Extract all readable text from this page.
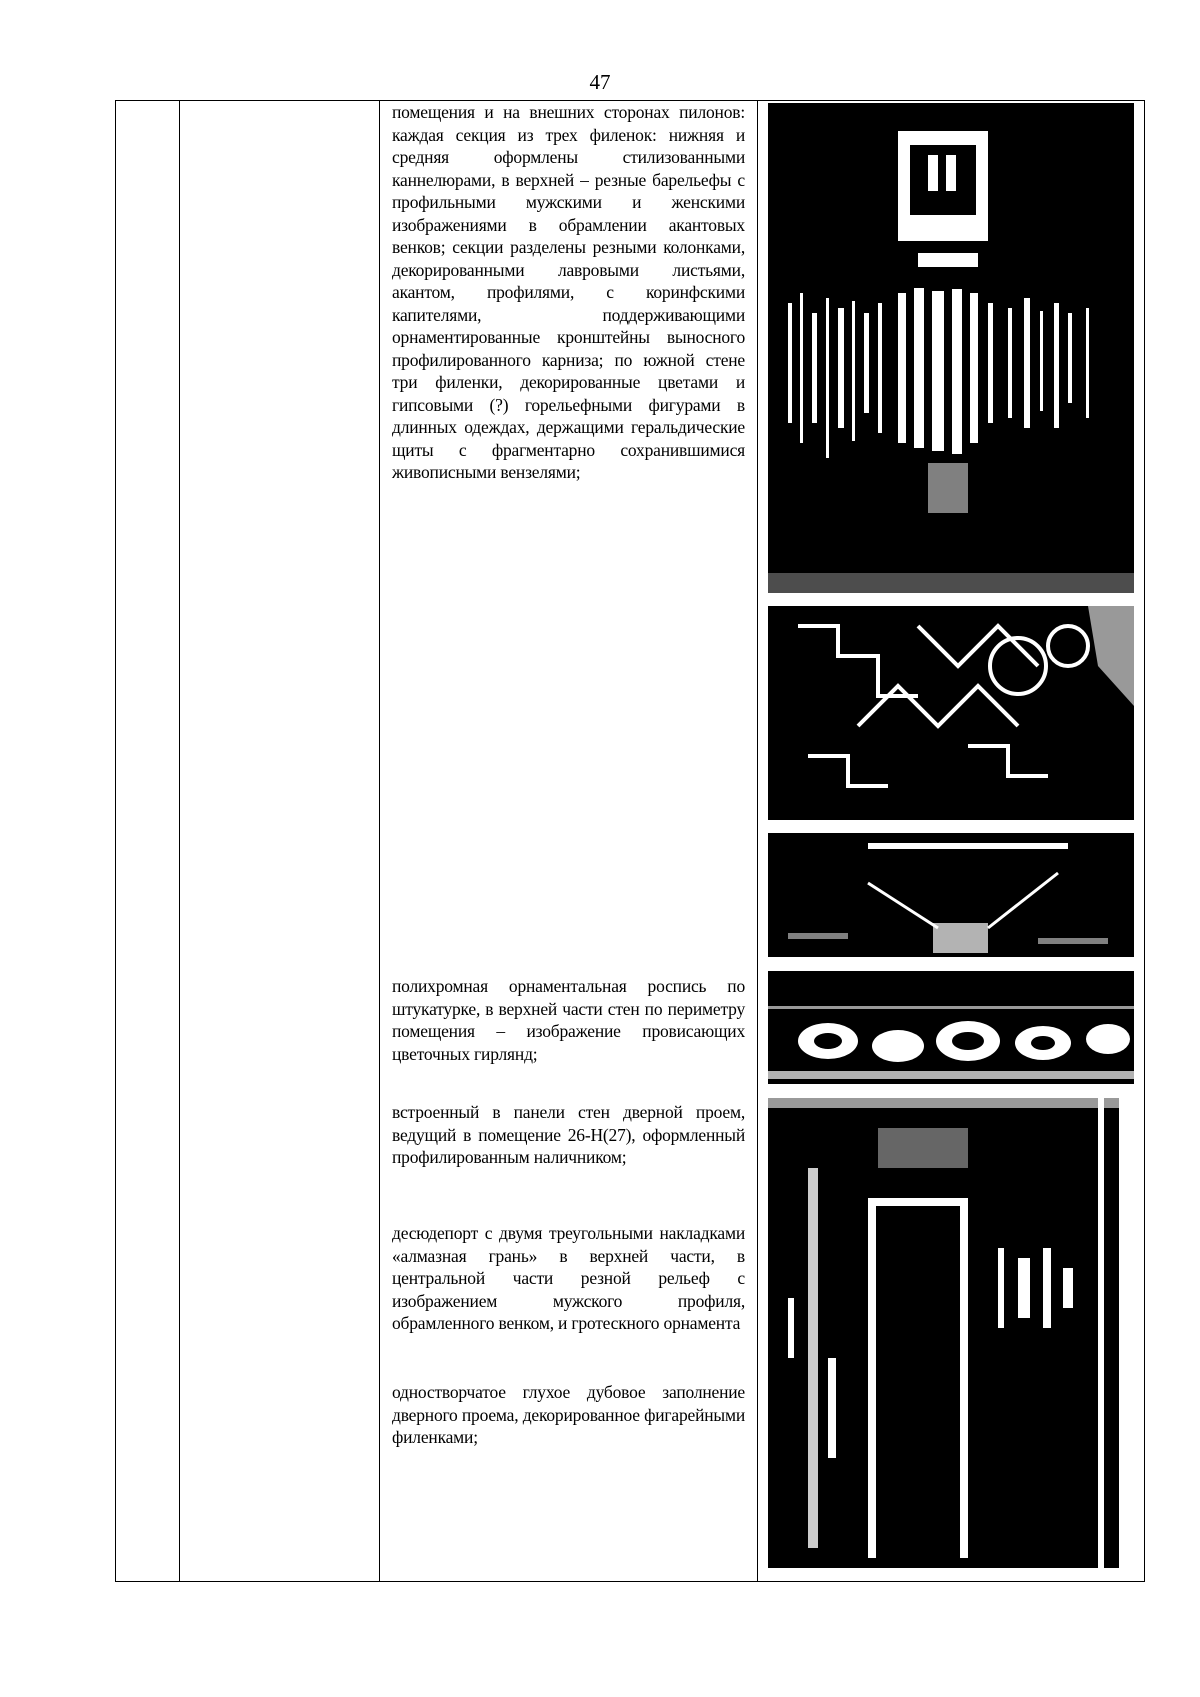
47
помещения и на внешних сторонах пилонов: каждая секция из трех филенок: нижняя и средняя оформлены стилизованными каннелюрами, в верхней – резные барельефы с профильными мужскими и женскими изображениями в обрамлении акантовых венков; секции разделены резными колонками, декорированными лавровыми листьями, акантом, профилями, с коринфскими капителями, поддерживающими орнаментированные кронштейны выносного профилированного карниза; по южной стене три филенки, декорированные цветами и гипсовыми (?) горельефными фигурами в длинных одеждах, держащими геральдические щиты с фрагментарно сохранившимися живописными вензелями;
полихромная орнаментальная роспись по штукатурке, в верхней части стен по периметру помещения – изображение провисающих цветочных гирлянд;
встроенный в панели стен дверной проем, ведущий в помещение 26-Н(27), оформленный профилированным наличником;
десюдепорт с двумя треугольными накладками «алмазная грань» в верхней части, в центральной части резной рельеф с изображением мужского профиля, обрамленного венком, и гротескного орнамента
одностворчатое глухое дубовое заполнение дверного проема, декорированное фигарейными филенками;
